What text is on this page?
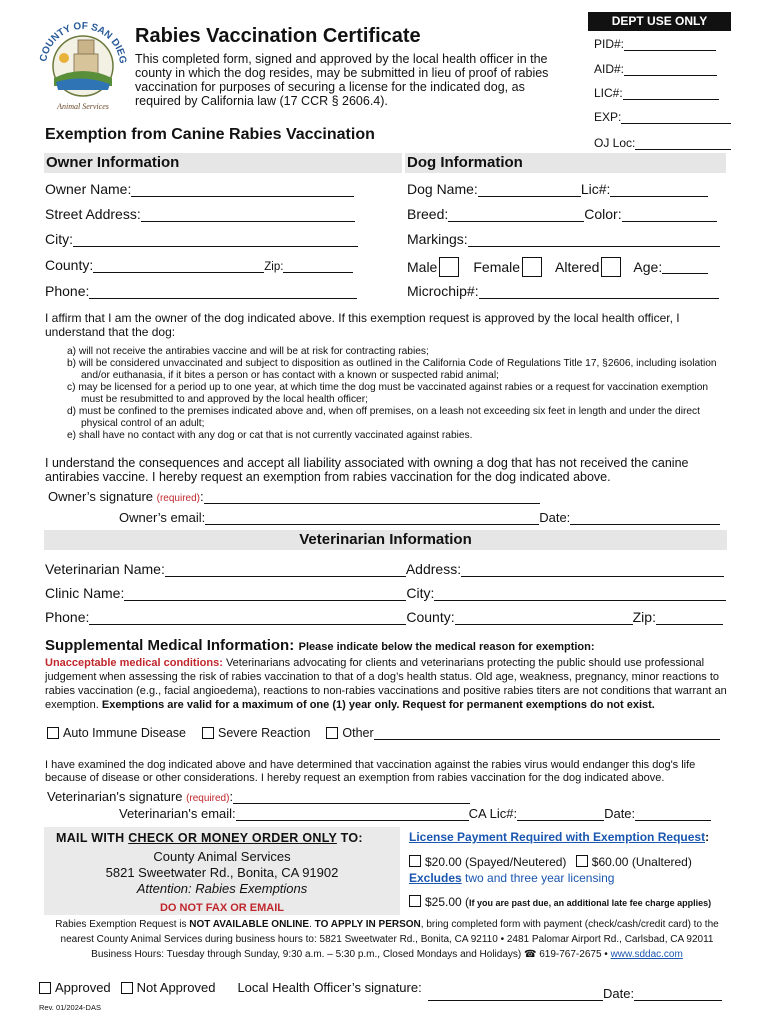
COUNTY OF SAN DIEG
Animal Services
Rabies Vaccination Certificate
This completed form, signed and approved by the local health officer in the county in which the dog resides, may be submitted in lieu of proof of rabies vaccination for purposes of securing a license for the indicated dog, as required by California law (17 CCR § 2606.4).
DEPT USE ONLY
PID#:
AID#:
LIC#:
EXP:
OJ Loc:
Exemption from Canine Rabies Vaccination
Owner Information	Dog Information
Owner Name:
Street Address:
City:
County:	Zip:
Phone:
Dog Name:	Lic#:
Breed:	Color:
Markings:
Male	Female	Altered Age:
Microchip#:
I affirm that I am the owner of the dog indicated above. If this exemption request is approved by the local health officer, I understand that the dog:
a) will not receive the antirabies vaccine and will be at risk for contracting rabies;
b) will be considered unvaccinated and subject to disposition as outlined in the California Code of Regulations Title 17, §2606, including isolation and/or euthanasia, if it bites a person or has contact with a known or suspected rabid animal;
c) may be licensed for a period up to one year, at which time the dog must be vaccinated against rabies or a request for vaccination exemption must be resubmitted to and approved by the local health officer;
d) must be confined to the premises indicated above and, when off premises, on a leash not exceeding six feet in length and under the direct physical control of an adult;
e) shall have no contact with any dog or cat that is not currently vaccinated against rabies.
I understand the consequences and accept all liability associated with owning a dog that has not received the canine antirabies vaccine. I hereby request an exemption from rabies vaccination for the dog indicated above.
Owner’s signature
(required) :
Owner’s email:	Date:
Veterinarian Information
Veterinarian Name:	Address:
Clinic Name:	City:
Phone:	County:	Zip:
Supplemental Medical Information: Please indicate below the medical reason for exemption:
Unacceptable medical conditions: Veterinarians advocating for clients and veterinarians protecting the public should use professional judgement when assessing the risk of rabies vaccination to that of a dog’s health status. Old age, weakness, pregnancy, minor reactions to rabies vaccination (e.g., facial angioedema), reactions to non-rabies vaccinations and positive rabies titers are not conditions that warrant an exemption. Exemptions are valid for a maximum of one (1) year only. Request for permanent exemptions do not exist.
Auto Immune Disease	Severe Reaction	Other
I have examined the dog indicated above and have determined that vaccination against the rabies virus would endanger this dog's life because of disease or other considerations. I hereby request an exemption from rabies vaccination for the dog indicated above.
Veterinarian's signature
(required) :
Veterinarian's email:	CA Lic#:	Date:
MAIL WITH CHECK OR MONEY ORDER ONLY TO:
County Animal Services
5821 Sweetwater Rd., Bonita, CA 91902
Attention: Rabies Exemptions
DO NOT FAX OR EMAIL
License Payment Required with Exemption Request:
$20.00 (Spayed/Neutered) $60.00 (Unaltered)
Excludes two and three year licensing
$25.00 (If you are past due, an additional late fee charge applies)
Rabies Exemption Request is NOT AVAILABLE ONLINE. TO APPLY IN PERSON, bring completed form with payment (check/cash/credit card) to the
nearest County Animal Services during business hours to: 5821 Sweetwater Rd., Bonita, CA 92110 • 2481 Palomar Airport Rd., Carlsbad, CA 92011
Business Hours: Tuesday through Sunday, 9:30 a.m. – 5:30 p.m., Closed Mondays and Holidays) ☎ 619-767-2675 • www.sddac.com
Approved Not Approved Local Health Officer’s signature:	Date:
Rev. 01/2024-DAS
